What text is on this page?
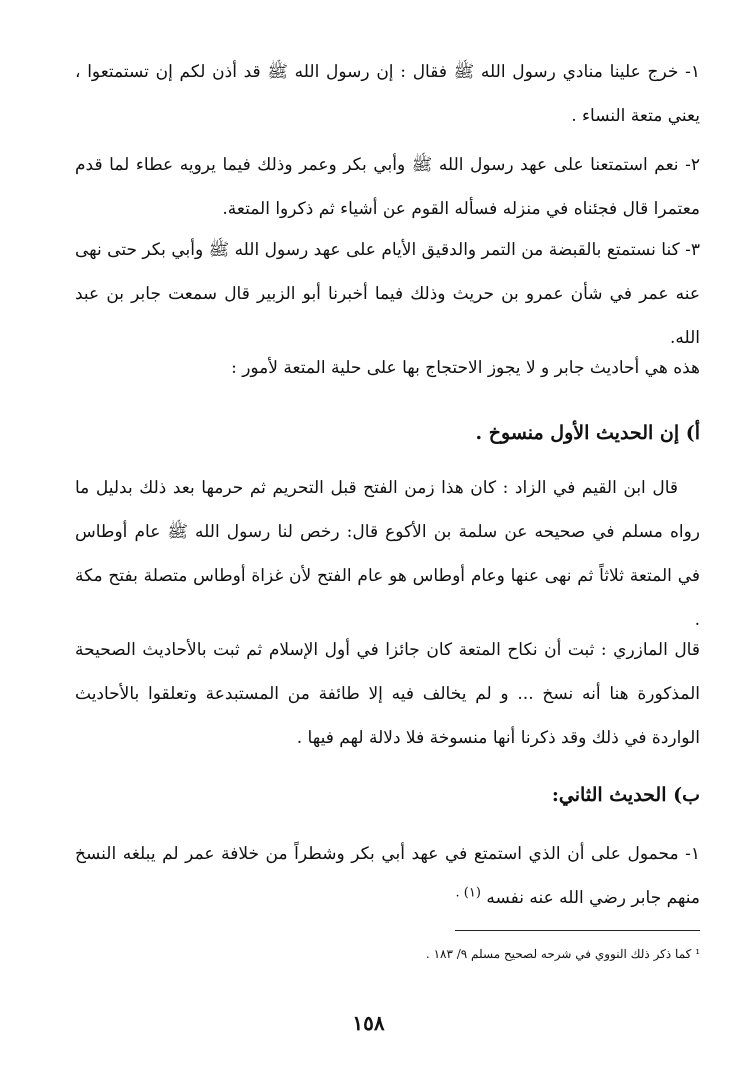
١- خرج علينا منادي رسول الله ﷺ فقال : إن رسول الله ﷺ قد أذن لكم إن تستمتعوا ، يعني متعة النساء .

٢- نعم استمتعنا على عهد رسول الله ﷺ وأبي بكر وعمر وذلك فيما يرويه عطاء لما قدم معتمرا قال فجئناه في منزله فسأله القوم عن أشياء ثم ذكروا المتعة.

٣- كنا نستمتع بالقبضة من التمر والدقيق الأيام على عهد رسول الله ﷺ وأبي بكر حتى نهى عنه عمر في شأن عمرو بن حريث وذلك فيما أخبرنا أبو الزبير قال سمعت جابر بن عبد الله.

هذه هي أحاديث جابر و لا يجوز الاحتجاج بها على حلية المتعة لأمور :

أ) إن الحديث الأول منسوخ .

قال ابن القيم في الزاد : كان هذا زمن الفتح قبل التحريم ثم حرمها بعد ذلك بدليل ما رواه مسلم في صحيحه عن سلمة بن الأكوع قال: رخص لنا رسول الله ﷺ عام أوطاس في المتعة ثلاثاً ثم نهى عنها وعام أوطاس هو عام الفتح لأن غزاة أوطاس متصلة بفتح مكة .

قال المازري : ثبت أن نكاح المتعة كان جائزا في أول الإسلام ثم ثبت بالأحاديث الصحيحة المذكورة هنا أنه نسخ ... و لم يخالف فيه إلا طائفة من المستبدعة وتعلقوا بالأحاديث الواردة في ذلك وقد ذكرنا أنها منسوخة فلا دلالة لهم فيها .

ب) الحديث الثاني:

١- محمول على أن الذي استمتع في عهد أبي بكر وشطراً من خلافة عمر لم يبلغه النسخ منهم جابر رضي الله عنه نفسه $^{(١) .}$

¹ كما ذكر ذلك النووي في شرحه لصحيح مسلم ٩/ ١٨٣ .

١٥٨
